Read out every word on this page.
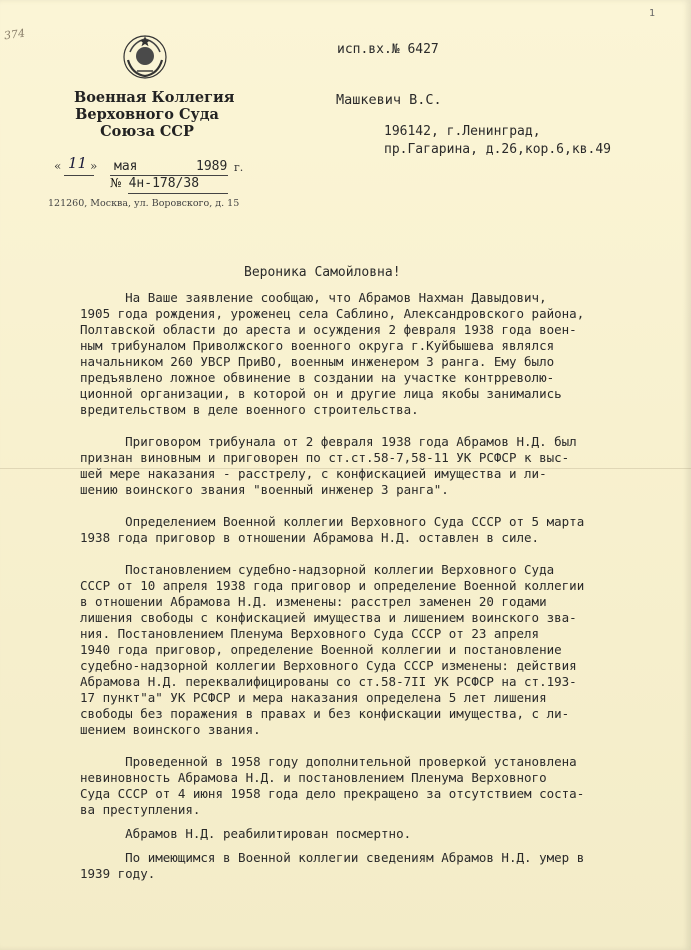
374
1
Военная Коллегия
Верховного Суда
Союза ССР
« 11 » мая	1989 г.
№ 4н-178/38
121260, Москва, ул. Воровского, д. 15
исп.вх.№ 6427
Машкевич В.С.
196142, г.Ленинград,
пр.Гагарина, д.26,кор.6,кв.49
Вероника Самойловна!

На Ваше заявление сообщаю, что Абрамов Нахман Давыдович,
1905 года рождения, уроженец села Саблино, Александровского района,
Полтавской области до ареста и осуждения 2 февраля 1938 года воен-
ным трибуналом Приволжского военного округа г.Куйбышева являлся
начальником 260 УВСР ПриВО, военным инженером 3 ранга. Ему было
предъявлено ложное обвинение в создании на участке контрреволю-
ционной организации, в которой он и другие лица якобы занимались
вредительством в деле военного строительства.

Приговором трибунала от 2 февраля 1938 года Абрамов Н.Д. был
признан виновным и приговорен по ст.ст.58-7,58-11 УК РСФСР к выс-
шей мере наказания - расстрелу, с конфискацией имущества и ли-
шению воинского звания "военный инженер 3 ранга".

Определением Военной коллегии Верховного Суда СССР от 5 марта
1938 года приговор в отношении Абрамова Н.Д. оставлен в силе.

Постановлением судебно-надзорной коллегии Верховного Суда
СССР от 10 апреля 1938 года приговор и определение Военной коллегии
в отношении Абрамова Н.Д. изменены: расстрел заменен 20 годами
лишения свободы с конфискацией имущества и лишением воинского зва-
ния. Постановлением Пленума Верховного Суда СССР от 23 апреля
1940 года приговор, определение Военной коллегии и постановление
судебно-надзорной коллегии Верховного Суда СССР изменены: действия
Абрамова Н.Д. переквалифицированы со ст.58-7II УК РСФСР на ст.193-
17 пункт"а" УК РСФСР и мера наказания определена 5 лет лишения
свободы без поражения в правах и без конфискации имущества, с ли-
шением воинского звания.

Проведенной в 1958 году дополнительной проверкой установлена
невиновность Абрамова Н.Д. и постановлением Пленума Верховного
Суда СССР от 4 июня 1958 года дело прекращено за отсутствием соста-
ва преступления.

Абрамов Н.Д. реабилитирован посмертно.

По имеющимся в Военной коллегии сведениям Абрамов Н.Д. умер в
1939 году.
